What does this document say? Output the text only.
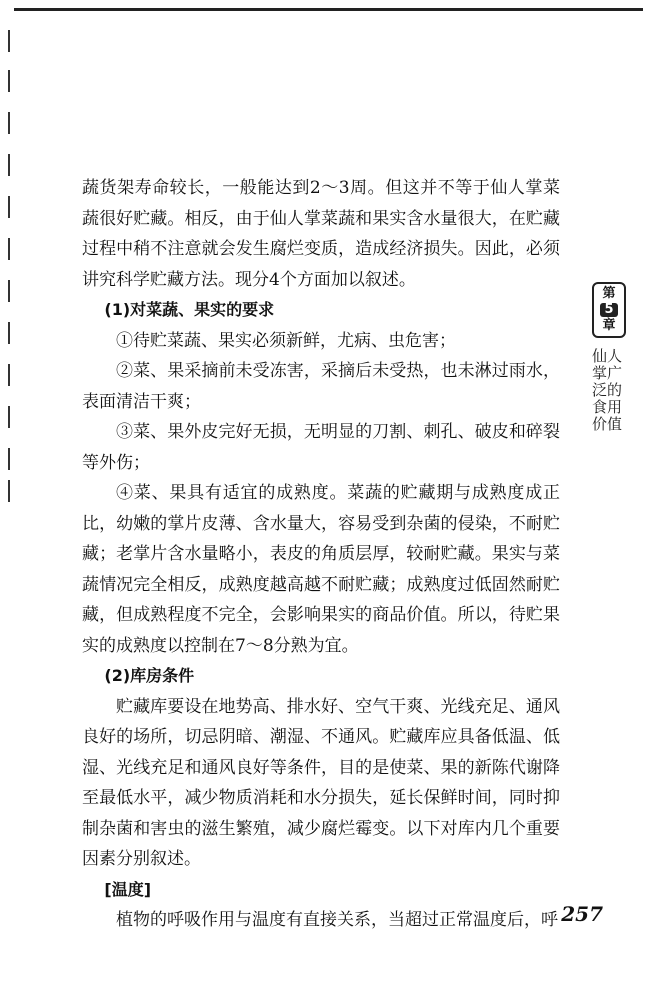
蔬货架寿命较长，一般能达到2～3周。但这并不等于仙人掌菜蔬很好贮藏。相反，由于仙人掌菜蔬和果实含水量很大，在贮藏过程中稍不注意就会发生腐烂变质，造成经济损失。因此，必须讲究科学贮藏方法。现分4个方面加以叙述。

(1)对菜蔬、果实的要求

①待贮菜蔬、果实必须新鲜，尤病、虫危害；

②菜、果采摘前未受冻害，采摘后未受热，也未淋过雨水，表面清洁干爽；

③菜、果外皮完好无损，无明显的刀割、刺孔、破皮和碎裂等外伤；

④菜、果具有适宜的成熟度。菜蔬的贮藏期与成熟度成正比，幼嫩的掌片皮薄、含水量大，容易受到杂菌的侵染，不耐贮藏；老掌片含水量略小，表皮的角质层厚，较耐贮藏。果实与菜蔬情况完全相反，成熟度越高越不耐贮藏；成熟度过低固然耐贮藏，但成熟程度不完全，会影响果实的商品价值。所以，待贮果实的成熟度以控制在7～8分熟为宜。

(2)库房条件

贮藏库要设在地势高、排水好、空气干爽、光线充足、通风良好的场所，切忌阴暗、潮湿、不通风。贮藏库应具备低温、低湿、光线充足和通风良好等条件，目的是使菜、果的新陈代谢降至最低水平，减少物质消耗和水分损失，延长保鲜时间，同时抑制杂菌和害虫的滋生繁殖，减少腐烂霉变。以下对库内几个重要因素分别叙述。

[温度]

植物的呼吸作用与温度有直接关系，当超过正常温度后，呼

第
5
章
仙人掌广泛的食用价值
257
